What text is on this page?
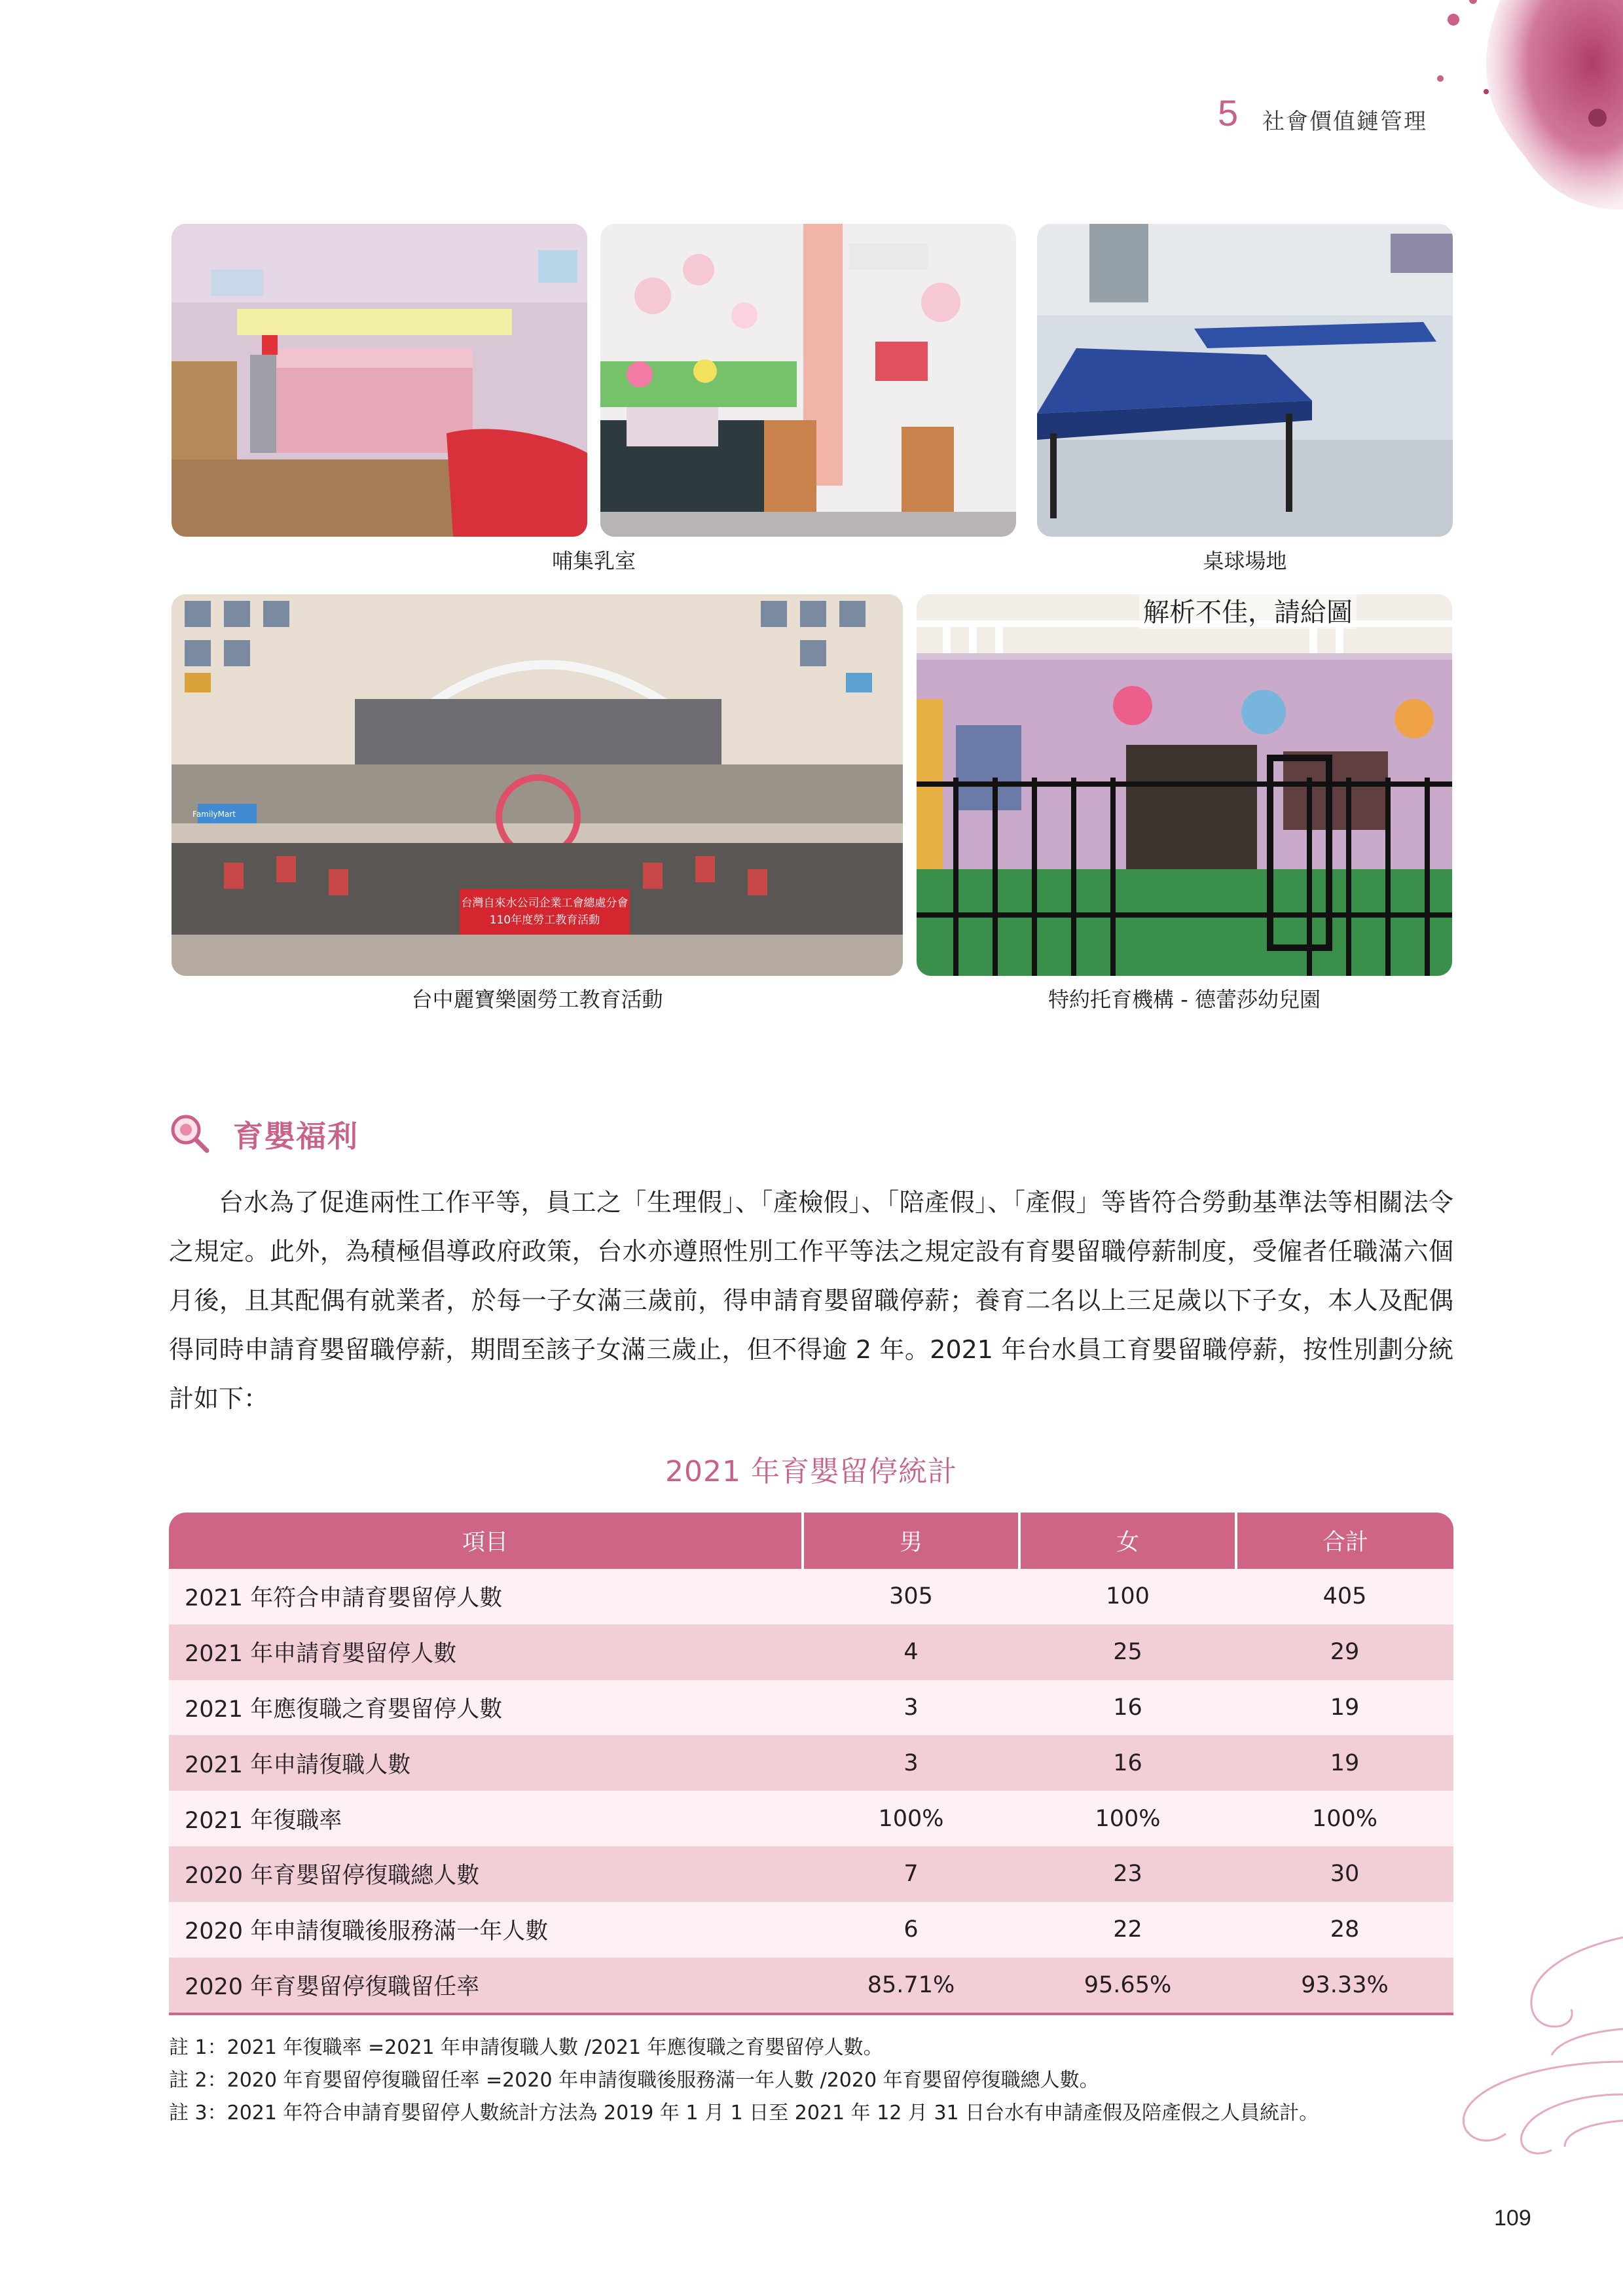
5 社會價值鏈管理
哺集乳室	桌球場地
台灣自來水公司企業工會總處分會
110年度勞工教育活動
FamilyMart
解析不佳，請給圖
台中麗寶樂園勞工教育活動	特約托育機構 - 德蕾莎幼兒園
育嬰福利

台水為了促進兩性工作平等，員工之「生理假」、「產檢假」、「陪產假」、「產假」等皆符合勞動基準法等相關法令之規定。此外，為積極倡導政府政策，台水亦遵照性別工作平等法之規定設有育嬰留職停薪制度，受僱者任職滿六個月後，且其配偶有就業者，於每一子女滿三歲前，得申請育嬰留職停薪；養育二名以上三足歲以下子女，本人及配偶得同時申請育嬰留職停薪，期間至該子女滿三歲止，但不得逾 2 年。2021 年台水員工育嬰留職停薪，按性別劃分統計如下：

2021 年育嬰留停統計
項目	男	女	合計
2021 年符合申請育嬰留停人數	305	100	405
2021 年申請育嬰留停人數	4	25	29
2021 年應復職之育嬰留停人數	3	16	19
2021 年申請復職人數	3	16	19
2021 年復職率	100%	100%	100%
2020 年育嬰留停復職總人數	7	23	30
2020 年申請復職後服務滿一年人數	6	22	28
2020 年育嬰留停復職留任率	85.71%	95.65%	93.33%
註 1：2021 年復職率 =2021 年申請復職人數 /2021 年應復職之育嬰留停人數。
註 2：2020 年育嬰留停復職留任率 =2020 年申請復職後服務滿一年人數 /2020 年育嬰留停復職總人數。
註 3：2021 年符合申請育嬰留停人數統計方法為 2019 年 1 月 1 日至 2021 年 12 月 31 日台水有申請產假及陪產假之人員統計。
109
